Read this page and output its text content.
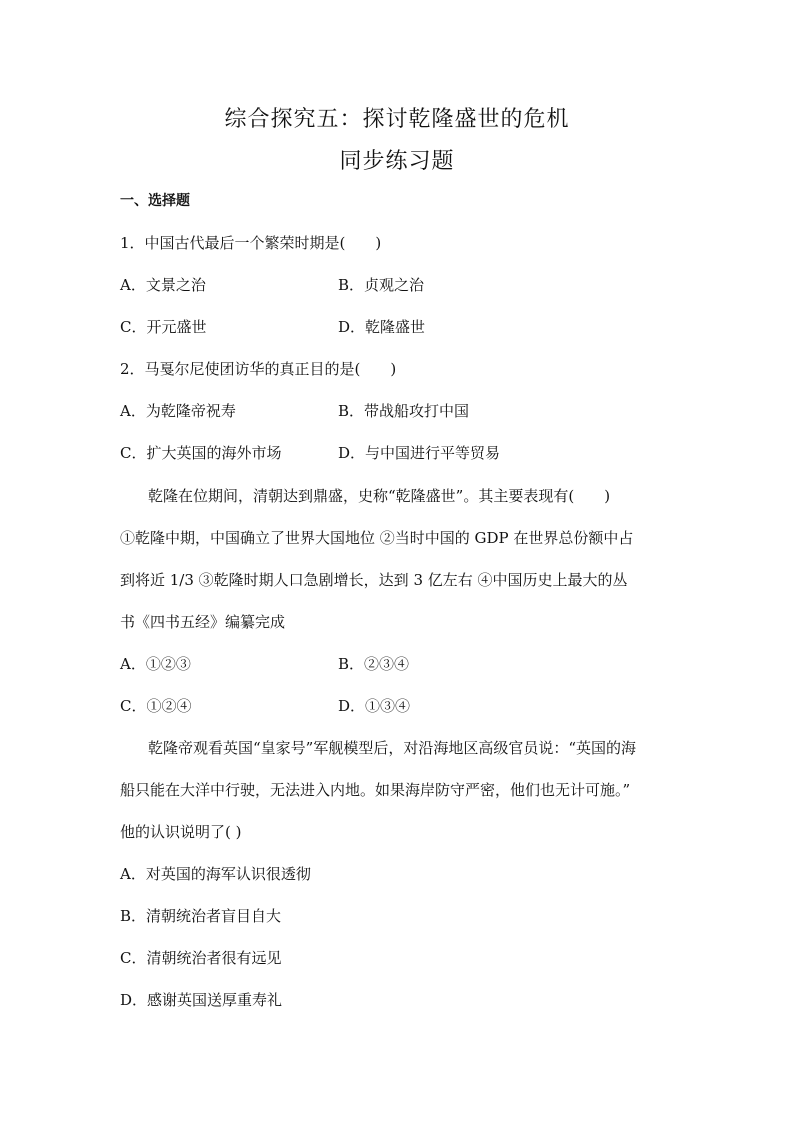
综合探究五：探讨乾隆盛世的危机
同步练习题
一、选择题
1．中国古代最后一个繁荣时期是(　　)
A．文景之治	B．贞观之治
C．开元盛世	D．乾隆盛世
2．马戛尔尼使团访华的真正目的是(　　)
A．为乾隆帝祝寿	B．带战船攻打中国
C．扩大英国的海外市场	D．与中国进行平等贸易
乾隆在位期间，清朝达到鼎盛，史称“乾隆盛世”。其主要表现有(　　)
①乾隆中期，中国确立了世界大国地位 ②当时中国的 GDP 在世界总份额中占
到将近 1/3 ③乾隆时期人口急剧增长，达到 3 亿左右 ④中国历史上最大的丛
书《四书五经》编纂完成
A．①②③	B．②③④
C．①②④	D．①③④
乾隆帝观看英国“皇家号”军舰模型后，对沿海地区高级官员说：“英国的海
船只能在大洋中行驶，无法进入内地。如果海岸防守严密，他们也无计可施。”
他的认识说明了( )
A．对英国的海军认识很透彻
B．清朝统治者盲目自大
C．清朝统治者很有远见
D．感谢英国送厚重寿礼
